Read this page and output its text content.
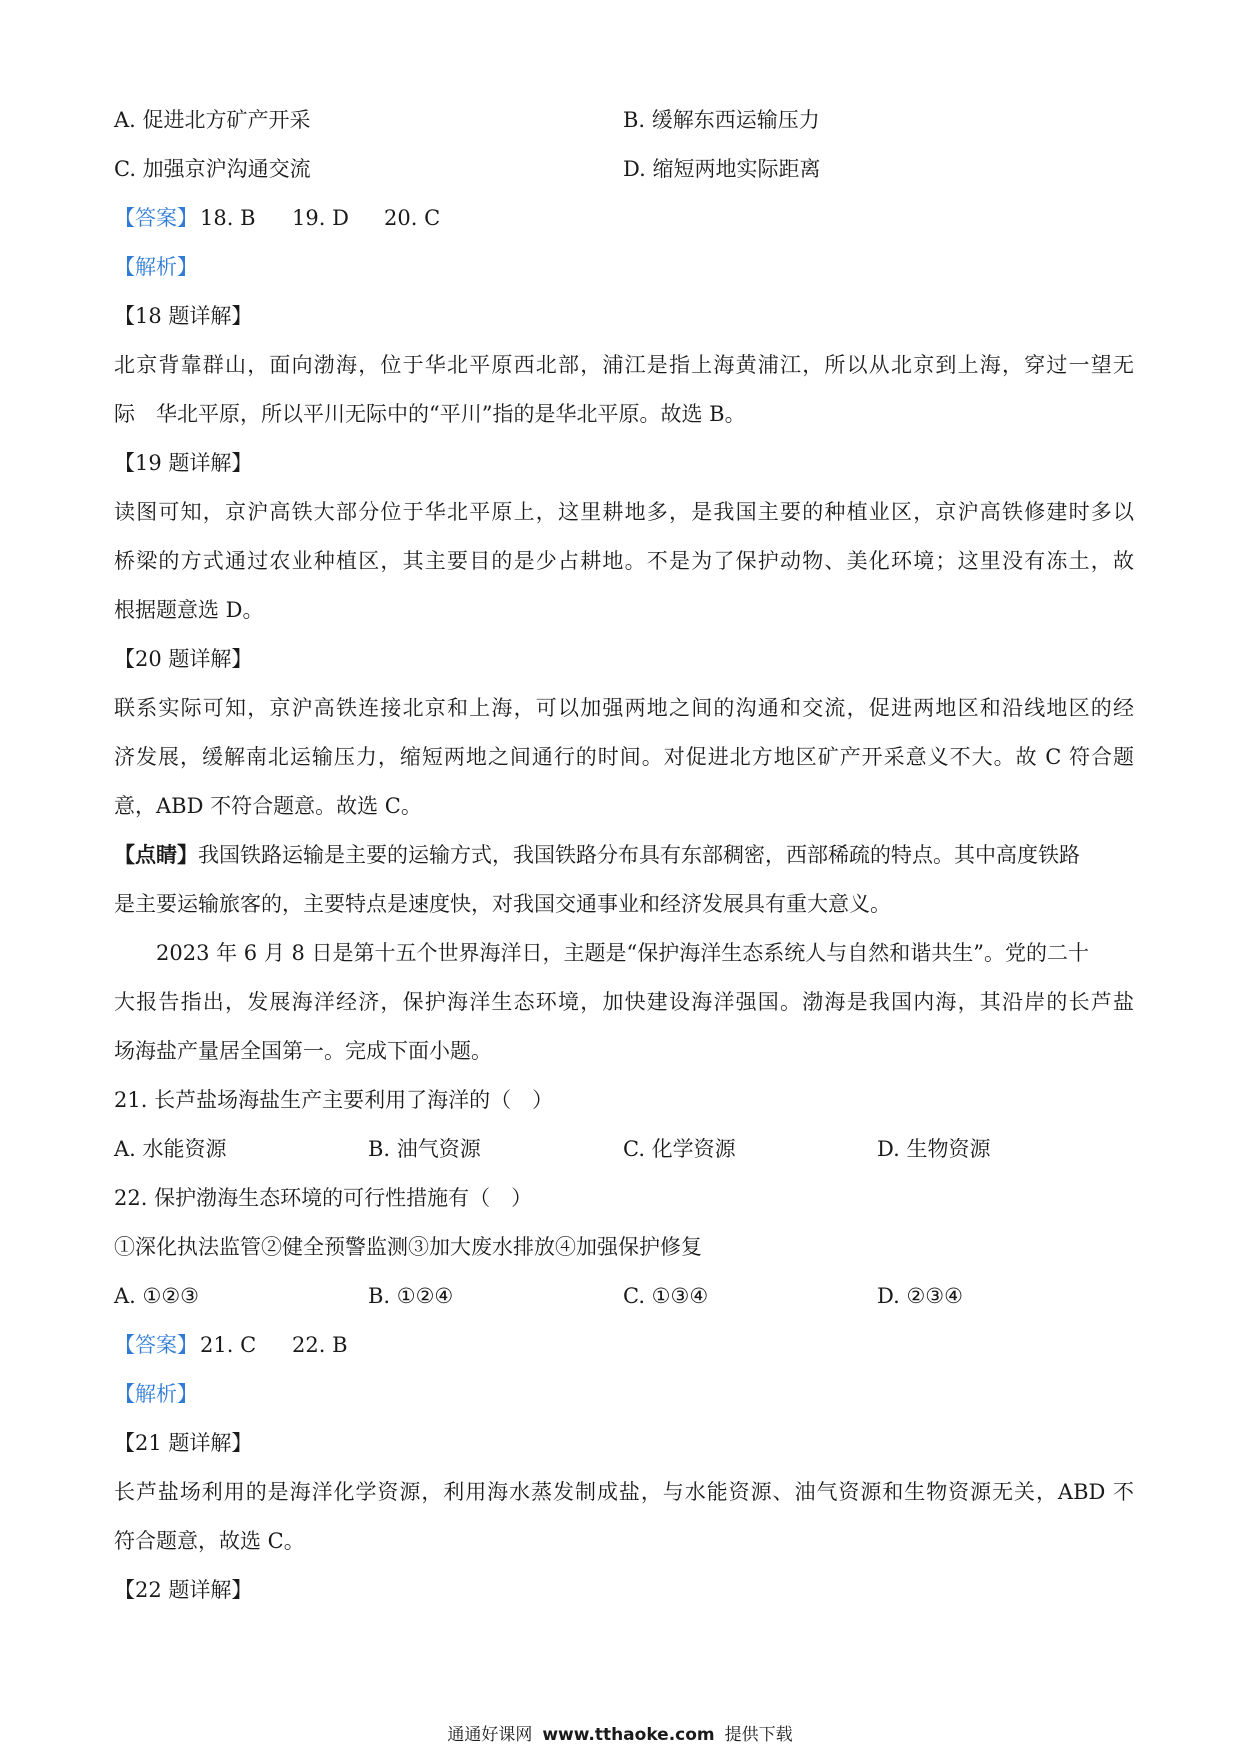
A. 促进北方矿产开采	B. 缓解东西运输压力
C. 加强京沪沟通交流	D. 缩短两地实际距离
【答案】 18. B 19. D 20. C
【解析】
【18 题详解】
北京背靠群山，面向渤海，位于华北平原西北部，浦江是指上海黄浦江，所以从北京到上海，穿过一望无
际　华北平原，所以平川无际中的“平川”指的是华北平原。故选 B。
【19 题详解】
读图可知，京沪高铁大部分位于华北平原上，这里耕地多，是我国主要的种植业区，京沪高铁修建时多以
桥梁的方式通过农业种植区，其主要目的是少占耕地。不是为了保护动物、美化环境；这里没有冻土，故
根据题意选 D。
【20 题详解】
联系实际可知，京沪高铁连接北京和上海，可以加强两地之间的沟通和交流，促进两地区和沿线地区的经
济发展，缓解南北运输压力，缩短两地之间通行的时间。对促进北方地区矿产开采意义不大。故 C 符合题
意，ABD 不符合题意。故选 C。
【点睛】我国铁路运输是主要的运输方式，我国铁路分布具有东部稠密，西部稀疏的特点。其中高度铁路
是主要运输旅客的，主要特点是速度快，对我国交通事业和经济发展具有重大意义。
2023 年 6 月 8 日是第十五个世界海洋日，主题是“保护海洋生态系统人与自然和谐共生”。党的二十
大报告指出，发展海洋经济，保护海洋生态环境，加快建设海洋强国。渤海是我国内海，其沿岸的长芦盐
场海盐产量居全国第一。完成下面小题。
21. 长芦盐场海盐生产主要利用了海洋的（　）
A. 水能资源	B. 油气资源	C. 化学资源	D. 生物资源
22. 保护渤海生态环境的可行性措施有（　）
①深化执法监管②健全预警监测③加大废水排放④加强保护修复
A. ①②③	B. ①②④	C. ①③④	D. ②③④
【答案】 21. C 22. B
【解析】
【21 题详解】
长芦盐场利用的是海洋化学资源，利用海水蒸发制成盐，与水能资源、油气资源和生物资源无关，ABD 不
符合题意，故选 C。
【22 题详解】
通通好课网 www.tthaoke.com 提供下载
